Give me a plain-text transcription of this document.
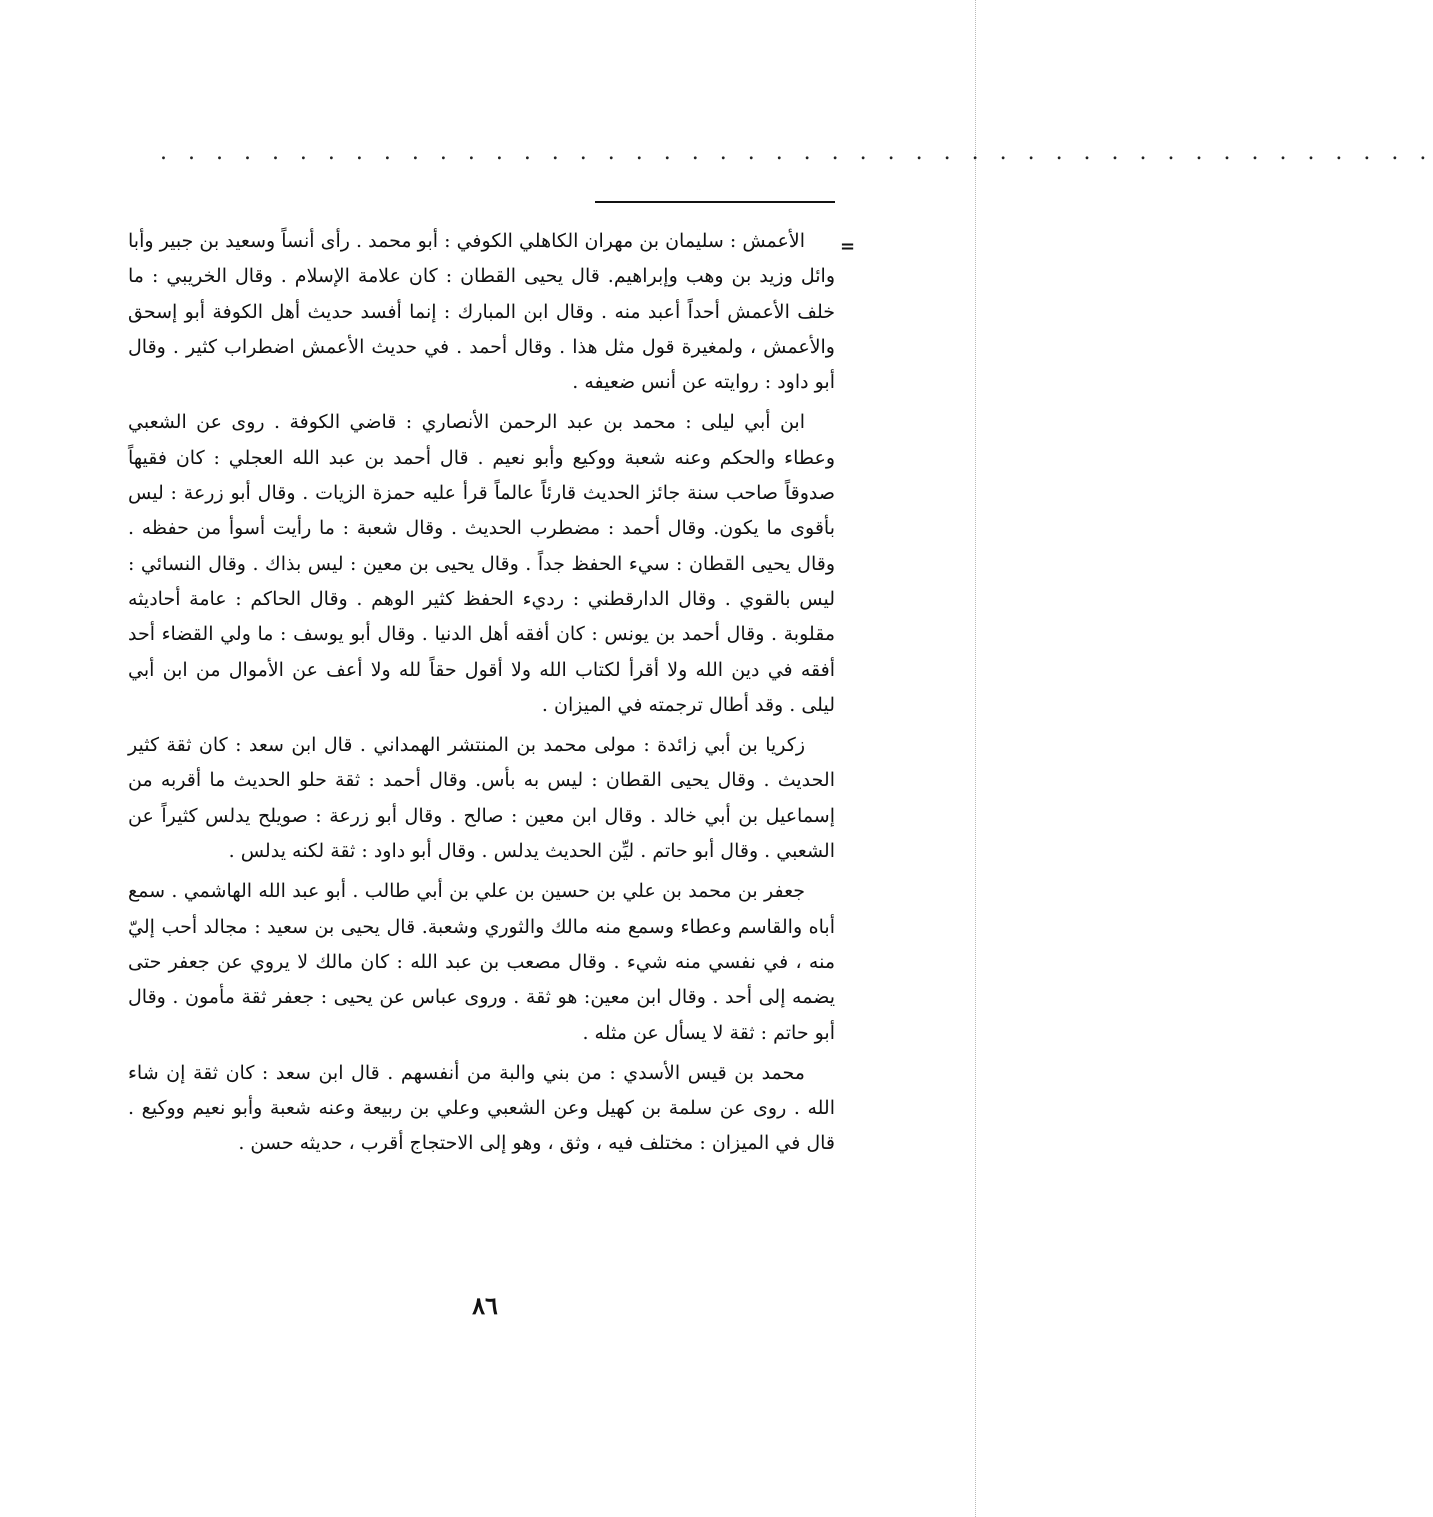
. . . . . . . . . . . . . . . . . . . . . . . . . . . . . . . . . . . . . . . . . . . . . .
=

الأعمش : سليمان بن مهران الكاهلي الكوفي : أبو محمد . رأى أنساً وسعيد بن جبير وأبا وائل وزيد بن وهب وإبراهيم. قال يحيى القطان : كان علامة الإسلام . وقال الخريبي : ما خلف الأعمش أحداً أعبد منه . وقال ابن المبارك : إنما أفسد حديث أهل الكوفة أبو إسحق والأعمش ، ولمغيرة قول مثل هذا . وقال أحمد . في حديث الأعمش اضطراب كثير . وقال أبو داود : روايته عن أنس ضعيفه .

ابن أبي ليلى : محمد بن عبد الرحمن الأنصاري : قاضي الكوفة . روى عن الشعبي وعطاء والحكم وعنه شعبة ووكيع وأبو نعيم . قال أحمد بن عبد الله العجلي : كان فقيهاً صدوقاً صاحب سنة جائز الحديث قارئاً عالماً قرأ عليه حمزة الزيات . وقال أبو زرعة : ليس بأقوى ما يكون. وقال أحمد : مضطرب الحديث . وقال شعبة : ما رأيت أسوأ من حفظه . وقال يحيى القطان : سيء الحفظ جداً . وقال يحيى بن معين : ليس بذاك . وقال النسائي : ليس بالقوي . وقال الدارقطني : رديء الحفظ كثير الوهم . وقال الحاكم : عامة أحاديثه مقلوبة . وقال أحمد بن يونس : كان أفقه أهل الدنيا . وقال أبو يوسف : ما ولي القضاء أحد أفقه في دين الله ولا أقرأ لكتاب الله ولا أقول حقاً لله ولا أعف عن الأموال من ابن أبي ليلى . وقد أطال ترجمته في الميزان .

زكريا بن أبي زائدة : مولى محمد بن المنتشر الهمداني . قال ابن سعد : كان ثقة كثير الحديث . وقال يحيى القطان : ليس به بأس. وقال أحمد : ثقة حلو الحديث ما أقربه من إسماعيل بن أبي خالد . وقال ابن معين : صالح . وقال أبو زرعة : صويلح يدلس كثيراً عن الشعبي . وقال أبو حاتم . ليِّن الحديث يدلس . وقال أبو داود : ثقة لكنه يدلس .

جعفر بن محمد بن علي بن حسين بن علي بن أبي طالب . أبو عبد الله الهاشمي . سمع أباه والقاسم وعطاء وسمع منه مالك والثوري وشعبة. قال يحيى بن سعيد : مجالد أحب إليّ منه ، في نفسي منه شيء . وقال مصعب بن عبد الله : كان مالك لا يروي عن جعفر حتى يضمه إلى أحد . وقال ابن معين: هو ثقة . وروى عباس عن يحيى : جعفر ثقة مأمون . وقال أبو حاتم : ثقة لا يسأل عن مثله .

محمد بن قيس الأسدي : من بني والبة من أنفسهم . قال ابن سعد : كان ثقة إن شاء الله . روى عن سلمة بن كهيل وعن الشعبي وعلي بن ربيعة وعنه شعبة وأبو نعيم ووكيع . قال في الميزان : مختلف فيه ، وثق ، وهو إلى الاحتجاج أقرب ، حديثه حسن .

٨٦
